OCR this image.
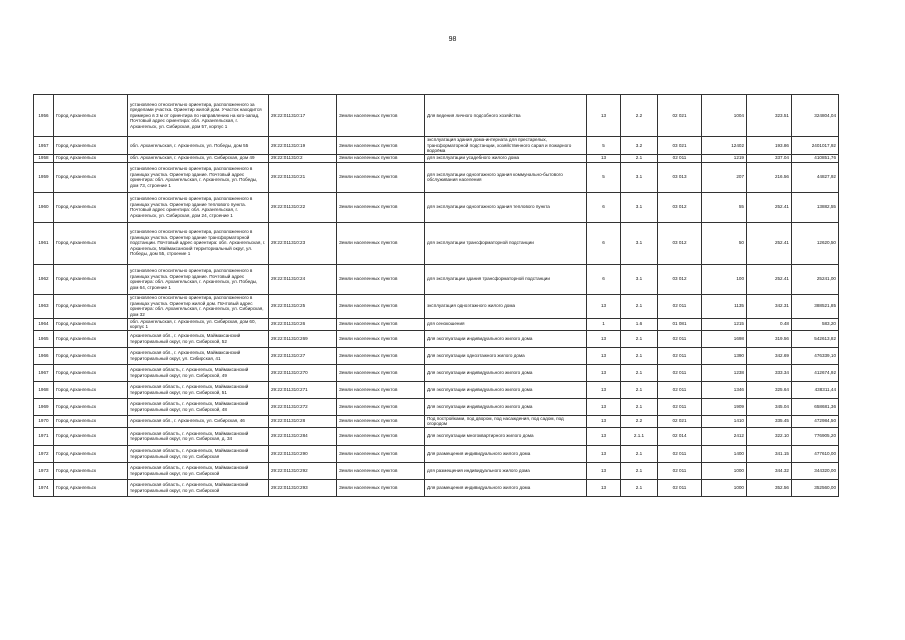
98
1956	Город Архангельск	установлено относительно ориентира, расположенного за пределами участка. Ориентир жилой дом. Участок находится примерно в 3 м от ориентира по направлению на юго-запад. Почтовый адрес ориентира: обл. Архангельская, г. Архангельск, ул. Сибирская, дом 57, корпус 1	29:22:011310:17	Земли населенных пунктов	Для ведения личного подсобного хозяйства	13	2.2	02 021	1004	323.51	324804,04
1957	Город Архангельск	обл. Архангельская, г. Архангельск, ул. Победы, дом 55	29:22:011310:19	Земли населенных пунктов	эксплуатация здания дома-интерната для престарелых, трансформаторной подстанции, хозяйственного сарая и пожарного водоёма	5	3.2	03 021	12402	193.86	2401017,92
1958	Город Архангельск	обл. Архангельская, г. Архангельск, ул. Сибирская, дом 49	29:22:011310:2	Земли населенных пунктов	для эксплуатации усадебного жилого дома	13	2.1	02 011	1219	337.04	410851,76
1959	Город Архангельск	установлено относительно ориентира, расположенного в границах участка. Ориентир здание. Почтовый адрес ориентира: обл. Архангельская, г. Архангельск, ул. Победы, дом 73, строение 1	29:22:011310:21	Земли населенных пунктов	для эксплуатации одноэтажного здания коммунально-бытового обслуживания населения	5	3.1	03 013	207	216.56	44827,92
1960	Город Архангельск	установлено относительно ориентира, расположенного в границах участка. Ориентир здание теплового пункта. Почтовый адрес ориентира: обл. Архангельская, г. Архангельск, ул. Сибирская, дом 24, строение 1	29:22:011310:22	Земли населенных пунктов	для эксплуатации одноэтажного здания теплового пункта	6	3.1	03 012	55	252.41	13882,55
1961	Город Архангельск	установлено относительно ориентира, расположенного в границах участка. Ориентир здание трансформаторной подстанции. Почтовый адрес ориентира: обл. Архангельская, г. Архангельск, Маймаксанский территориальный округ, ул. Победы, дом 55, строение 1	29:22:011310:23	Земли населенных пунктов	для эксплуатации трансформаторной подстанции	6	3.1	03 012	50	252.41	12620,50
1962	Город Архангельск	установлено относительно ориентира, расположенного в границах участка. Ориентир здание. Почтовый адрес ориентира: обл. Архангельская, г. Архангельск, ул. Победы, дом 64, строение 1	29:22:011310:24	Земли населенных пунктов	для эксплуатации здания трансформаторной подстанции	6	3.1	03 012	100	252.41	25241,00
1963	Город Архангельск	установлено относительно ориентира, расположенного в границах участка. Ориентир жилой дом. Почтовый адрес ориентира: обл. Архангельская, г. Архангельск, ул. Сибирская, дом 32	29:22:011310:25	Земли населенных пунктов	эксплуатация одноэтажного жилого дома	13	2.1	02 011	1135	342.31	388521,85
1964	Город Архангельск	обл. Архангельская, г. Архангельск, ул. Сибирская, дом 60, корпус 1	29:22:011310:26	Земли населенных пунктов	для сенокошения	1	1.6	01 081	1215	0.48	583,20
1965	Город Архангельск	Архангельская обл., г. Архангельск, Маймаксанский территориальный округ, по ул. Сибирской, 52	29:22:011310:269	Земли населенных пунктов	Для эксплуатации индивидуального жилого дома	13	2.1	02 011	1698	319.56	542613,82
1966	Город Архангельск	Архангельская обл., г. Архангельск, Маймаксанский территориальный округ, ул. Сибирская, 41	29:22:011310:27	Земли населенных пунктов	Для эксплуатации одноэтажного жилого дома	13	2.1	02 011	1390	342.69	476339,10
1967	Город Архангельск	Архангельская область, г. Архангельск, Маймаксанский территориальный округ, по ул. Сибирской, 49	29:22:011310:270	Земли населенных пунктов	Для эксплуатации индивидуального жилого дома	13	2.1	02 011	1238	333.34	412674,92
1968	Город Архангельск	Архангельская область, г. Архангельск, Маймаксанский территориальный округ, по ул. Сибирской, 51	29:22:011310:271	Земли населенных пунктов	Для эксплуатации индивидуального жилого дома	13	2.1	02 011	1346	325.64	438311,44
1969	Город Архангельск	Архангельская область, г. Архангельск, Маймаксанский территориальный округ, по ул. Сибирской, 48	29:22:011310:272	Земли населенных пунктов	Для эксплуатации индивидуального жилого дома	13	2.1	02 011	1909	345.04	658681,36
1970	Город Архангельск	Архангельская обл., г. Архангельск, ул. Сибирская, 46	29:22:011310:28	Земли населенных пунктов	Под постройками, под двором, под насаждения, под садом, под огородом	13	2.2	02 021	1410	335.45	472984,50
1971	Город Архангельск	Архангельская область, г. Архангельск, Маймаксанский территориальный округ, по ул. Сибирская, д. 34	29:22:011310:284	Земли населенных пунктов	Для эксплуатации многоквартирного жилого дома	13	2.1.1	02 014	2412	322.10	776905,20
1972	Город Архангельск	Архангельская область, г. Архангельск, Маймаксанский территориальный округ, по ул. Сибирская	29:22:011310:290	Земли населенных пунктов	Для размещения индивидуального жилого дома	13	2.1	02 011	1400	341.15	477610,00
1973	Город Архангельск	Архангельская область, г. Архангельск, Маймаксанский территориальный округ, по ул. Сибирской	29:22:011310:292	Земли населенных пунктов	для размещения индивидуального жилого дома	13	2.1	02 011	1000	344.32	344320,00
1974	Город Архангельск	Архангельская область, г. Архангельск, Маймаксанский территориальный округ, по ул. Сибирской	29:22:011310:293	Земли населенных пунктов	Для размещения индивидуального жилого дома	13	2.1	02 011	1000	352.56	352560,00
